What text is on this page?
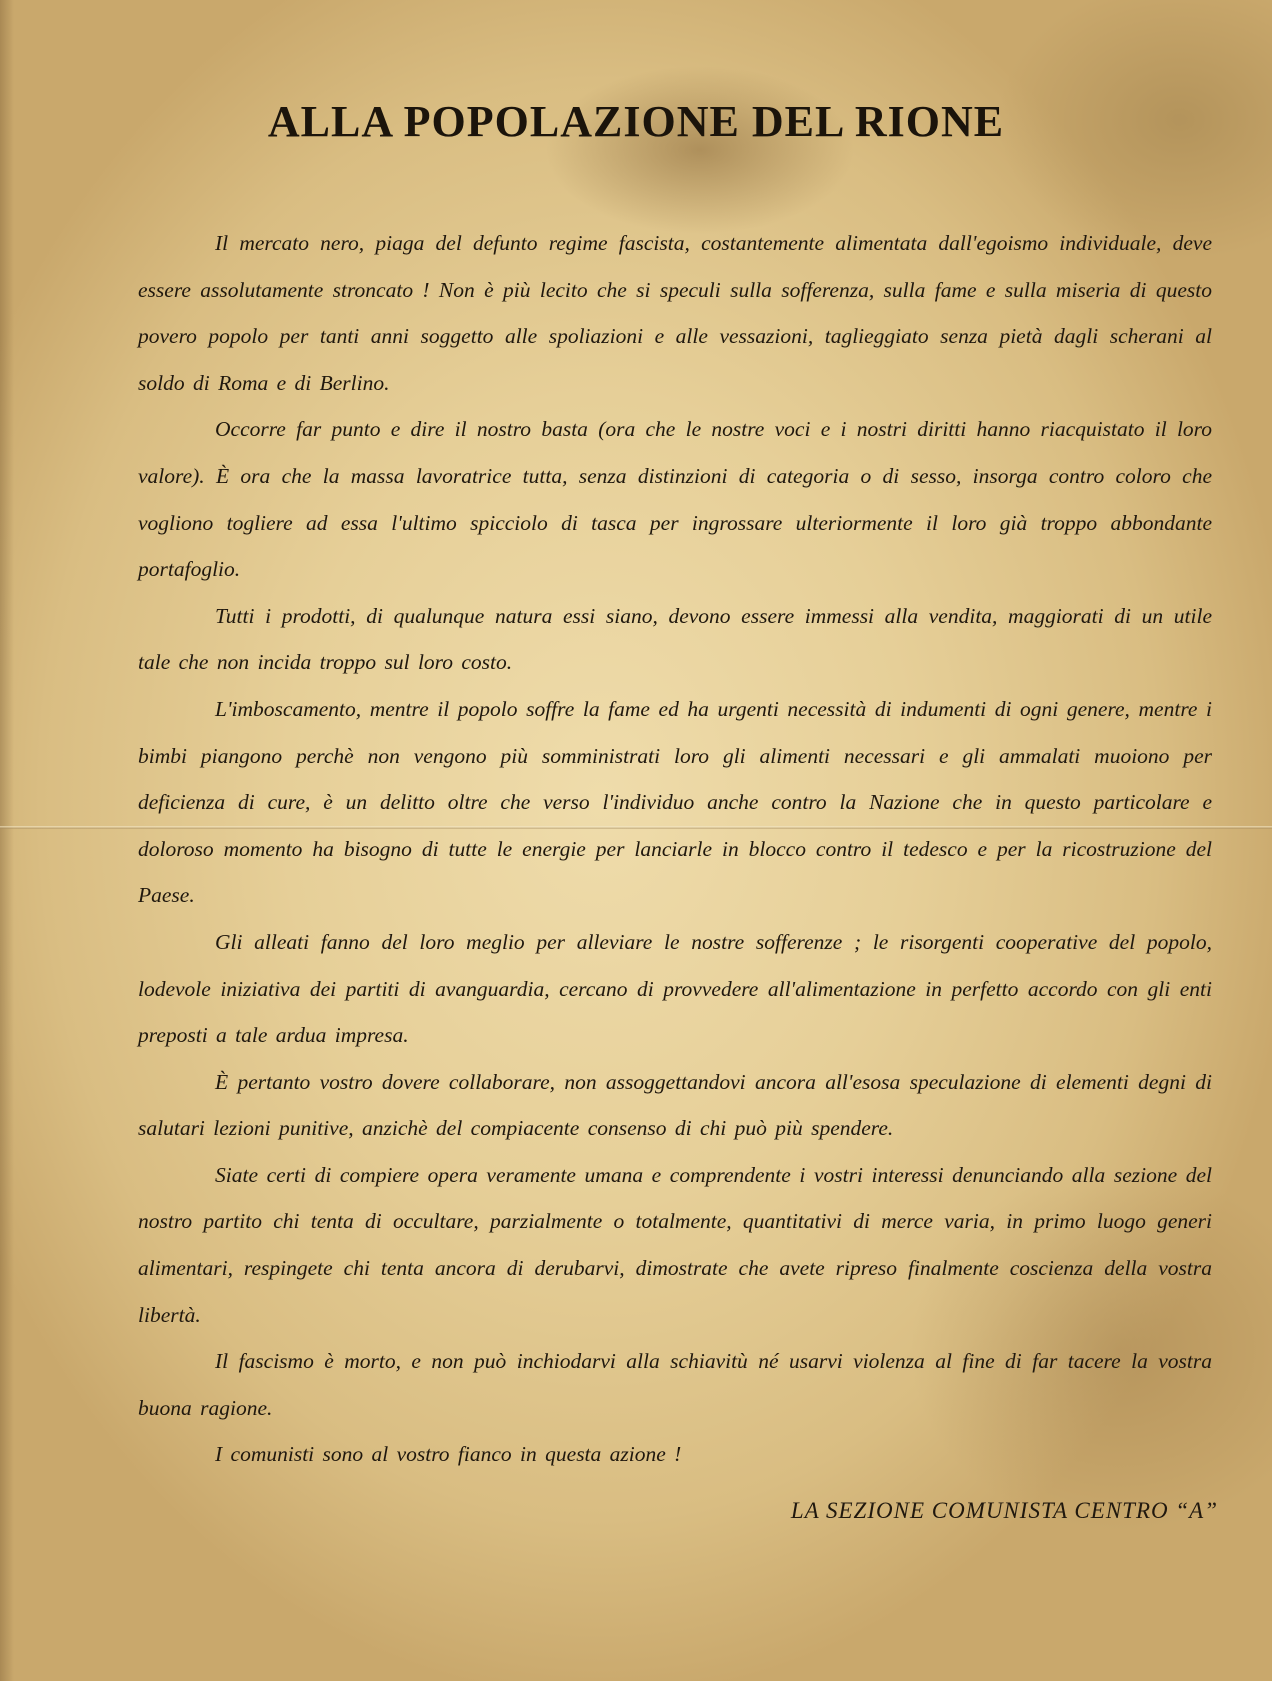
ALLA POPOLAZIONE DEL RIONE

Il mercato nero, piaga del defunto regime fascista, costantemente alimentata dall'egoismo individuale, deve essere assolutamente stroncato ! Non è più lecito che si speculi sulla sofferenza, sulla fame e sulla miseria di questo povero popolo per tanti anni soggetto alle spoliazioni e alle vessazioni, taglieggiato senza pietà dagli scherani al soldo di Roma e di Berlino.

Occorre far punto e dire il nostro basta (ora che le nostre voci e i nostri diritti hanno riacquistato il loro valore). È ora che la massa lavoratrice tutta, senza distinzioni di categoria o di sesso, insorga contro coloro che vogliono togliere ad essa l'ultimo spicciolo di tasca per ingrossare ulteriormente il loro già troppo abbondante portafoglio.

Tutti i prodotti, di qualunque natura essi siano, devono essere immessi alla vendita, maggiorati di un utile tale che non incida troppo sul loro costo.

L'imboscamento, mentre il popolo soffre la fame ed ha urgenti necessità di indumenti di ogni genere, mentre i bimbi piangono perchè non vengono più somministrati loro gli alimenti necessari e gli ammalati muoiono per deficienza di cure, è un delitto oltre che verso l'individuo anche contro la Nazione che in questo particolare e doloroso momento ha bisogno di tutte le energie per lanciarle in blocco contro il tedesco e per la ricostruzione del Paese.

Gli alleati fanno del loro meglio per alleviare le nostre sofferenze ; le risorgenti cooperative del popolo, lodevole iniziativa dei partiti di avanguardia, cercano di provvedere all'alimentazione in perfetto accordo con gli enti preposti a tale ardua impresa.

È pertanto vostro dovere collaborare, non assoggettandovi ancora all'esosa speculazione di elementi degni di salutari lezioni punitive, anzichè del compiacente consenso di chi può più spendere.

Siate certi di compiere opera veramente umana e comprendente i vostri interessi denunciando alla sezione del nostro partito chi tenta di occultare, parzialmente o totalmente, quantitativi di merce varia, in primo luogo generi alimentari, respingete chi tenta ancora di derubarvi, dimostrate che avete ripreso finalmente coscienza della vostra libertà.

Il fascismo è morto, e non può inchiodarvi alla schiavitù né usarvi violenza al fine di far tacere la vostra buona ragione.

I comunisti sono al vostro fianco in questa azione !

LA SEZIONE COMUNISTA CENTRO “A”
